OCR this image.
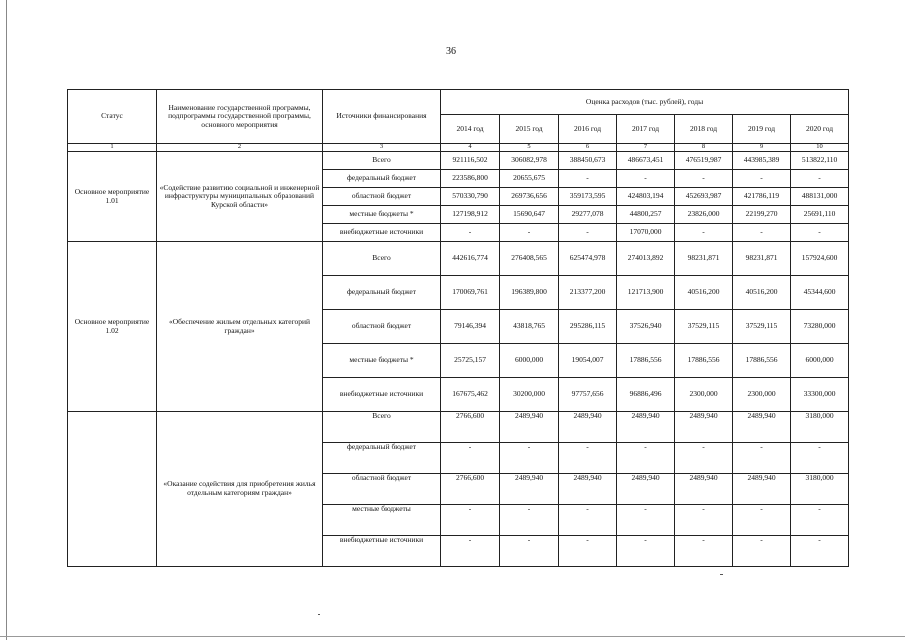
36
Статус	Наименование государственной программы, подпрограммы государственной программы, основного мероприятия	Источники финансирования	Оценка расходов (тыс. рублей), годы						
			2014 год	2015 год	2016 год	2017 год	2018 год	2019 год	2020 год
1	2	3	4	5	6	7	8	9	10
Основное мероприятие 1.01	«Содействие развитию социальной и инженерной инфраструктуры муниципальных образований Курской области»	Всего	921116,502	306082,978	388450,673	486673,451	476519,987	443985,389	513822,110
		федеральный бюджет	223586,800	20655,675	-	-	-	-	-
		областной бюджет	570330,790	269736,656	359173,595	424803,194	452693,987	421786,119	488131,000
		местные бюджеты *	127198,912	15690,647	29277,078	44800,257	23826,000	22199,270	25691,110
		внебюджетные источники	-	-	-	17070,000	-	-	-
Основное мероприятие 1.02	«Обеспечение жильем отдельных категорий граждан»	Всего	442616,774	276408,565	625474,978	274013,892	98231,871	98231,871	157924,600
		федеральный бюджет	170069,761	196389,800	213377,200	121713,900	40516,200	40516,200	45344,600
		областной бюджет	79146,394	43818,765	295286,115	37526,940	37529,115	37529,115	73280,000
		местные бюджеты *	25725,157	6000,000	19054,007	17886,556	17886,556	17886,556	6000,000
		внебюджетные источники	167675,462	30200,000	97757,656	96886,496	2300,000	2300,000	33300,000
	«Оказание содействия для приобретения жилья отдельным категориям граждан»	Всего	2766,600	2489,940	2489,940	2489,940	2489,940	2489,940	3180,000
		федеральный бюджет	-	-	-	-	-	-	-
		областной бюджет	2766,600	2489,940	2489,940	2489,940	2489,940	2489,940	3180,000
		местные бюджеты	-	-	-	-	-	-	-
		внебюджетные источники	-	-	-	-	-	-	-
